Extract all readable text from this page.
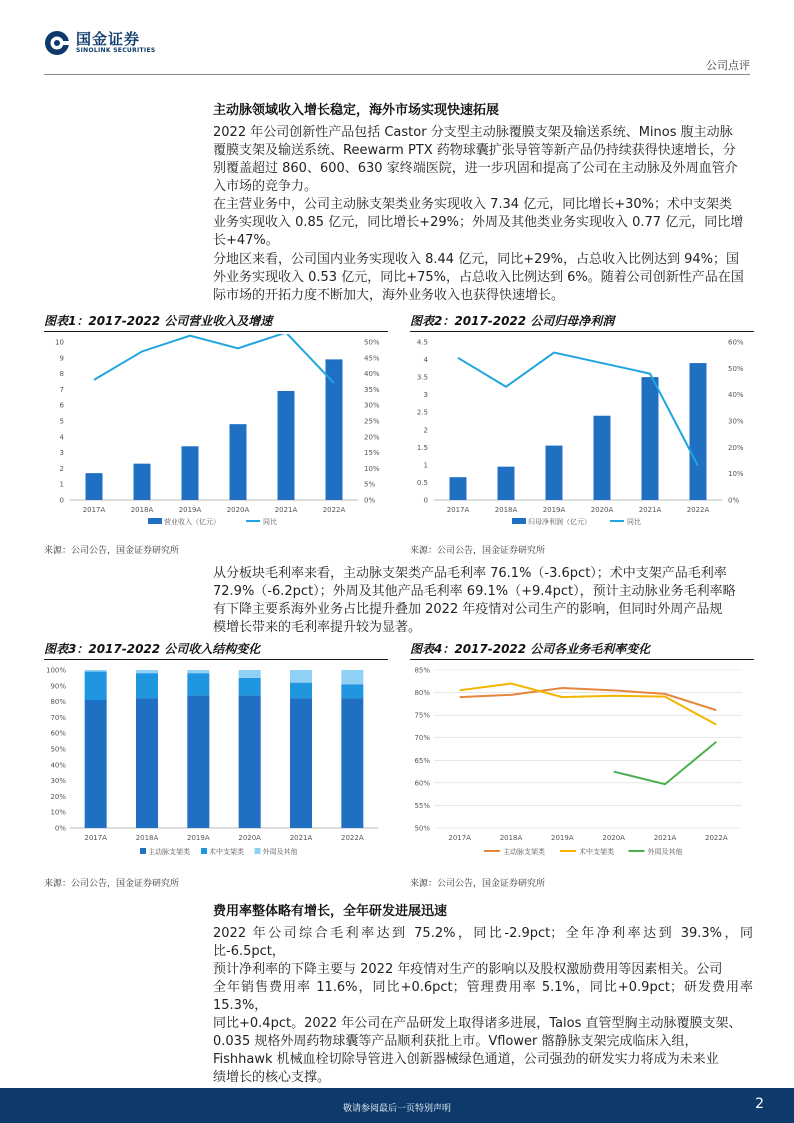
国金证券
SINOLINK SECURITIES
公司点评
主动脉领域收入增长稳定，海外市场实现快速拓展
2022 年公司创新性产品包括 Castor 分支型主动脉覆膜支架及输送系统、Minos 腹主动脉
覆膜支架及输送系统、Reewarm PTX 药物球囊扩张导管等新产品仍持续获得快速增长，分
别覆盖超过 860、600、630 家终端医院，进一步巩固和提高了公司在主动脉及外周血管介
入市场的竞争力。
在主营业务中，公司主动脉支架类业务实现收入 7.34 亿元，同比增长+30%；术中支架类
业务实现收入 0.85 亿元，同比增长+29%；外周及其他类业务实现收入 0.77 亿元，同比增
长+47%。
分地区来看，公司国内业务实现收入 8.44 亿元，同比+29%，占总收入比例达到 94%；国
外业务实现收入 0.53 亿元，同比+75%，占总收入比例达到 6%。随着公司创新性产品在国
际市场的开拓力度不断加大，海外业务收入也获得快速增长。
图表1：2017-2022 公司营业收入及增速
0
1
2
3
4
5
6
7
8
9
10
0%
5%
10%
15%
20%
25%
30%
35%
40%
45%
50%
2017A	2018A	2019A	2020A	2021A	2022A
营业收入（亿元）	同比
来源：公司公告，国金证券研究所
图表2：2017-2022 公司归母净利润
0
0.5
1
1.5
2
2.5
3
3.5
4
4.5
0%
10%
20%
30%
40%
50%
60%
2017A	2018A	2019A	2020A	2021A	2022A
归母净利润（亿元）	同比
来源：公司公告，国金证券研究所
从分板块毛利率来看，主动脉支架类产品毛利率 76.1%（-3.6pct）；术中支架产品毛利率
72.9%（-6.2pct）；外周及其他产品毛利率 69.1%（+9.4pct），预计主动脉业务毛利率略
有下降主要系海外业务占比提升叠加 2022 年疫情对公司生产的影响，但同时外周产品规
模增长带来的毛利率提升较为显著。
图表3：2017-2022 公司收入结构变化
0%
10%
20%
30%
40%
50%
60%
70%
80%
90%
100%
2017A	2018A	2019A	2020A	2021A	2022A
主动脉支架类	术中支架类	外周及其他
来源：公司公告，国金证券研究所
图表4：2017-2022 公司各业务毛利率变化
50%
55%
60%
65%
70%
75%
80%
85%
2017A	2018A	2019A	2020A	2021A	2022A
主动脉支架类	术中支架类	外周及其他
来源：公司公告，国金证券研究所
费用率整体略有增长，全年研发进展迅速
2022 年公司综合毛利率达到 75.2%，同比-2.9pct；全年净利率达到 39.3%，同比-6.5pct，
预计净利率的下降主要与 2022 年疫情对生产的影响以及股权激励费用等因素相关。公司
全年销售费用率 11.6%，同比+0.6pct；管理费用率 5.1%，同比+0.9pct；研发费用率 15.3%，
同比+0.4pct。2022 年公司在产品研发上取得诸多进展，Talos 直管型胸主动脉覆膜支架、
0.035 规格外周药物球囊等产品顺利获批上市。Vflower 髂静脉支架完成临床入组，
Fishhawk 机械血栓切除导管进入创新器械绿色通道，公司强劲的研发实力将成为未来业
绩增长的核心支撑。
敬请参阅最后一页特别声明	2
